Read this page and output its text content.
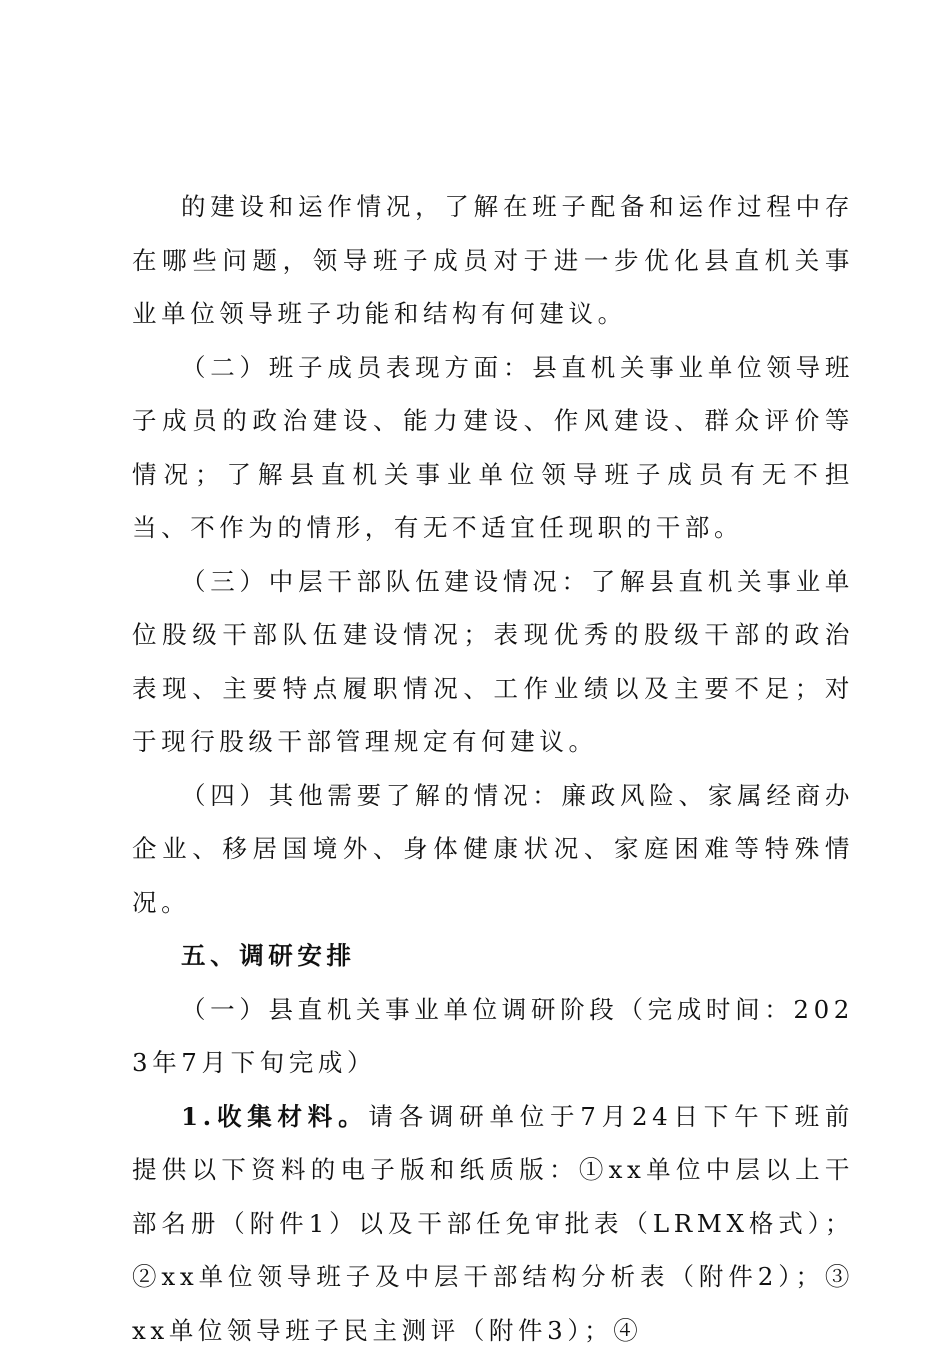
的建设和运作情况，了解在班子配备和运作过程中存在哪些问题，领导班子成员对于进一步优化县直机关事业单位领导班子功能和结构有何建议。

（二）班子成员表现方面：县直机关事业单位领导班子成员的政治建设、能力建设、作风建设、群众评价等情况；了解县直机关事业单位领导班子成员有无不担当、不作为的情形，有无不适宜任现职的干部。

（三）中层干部队伍建设情况：了解县直机关事业单位股级干部队伍建设情况；表现优秀的股级干部的政治表现、主要特点履职情况、工作业绩以及主要不足；对于现行股级干部管理规定有何建议。

（四）其他需要了解的情况：廉政风险、家属经商办企业、移居国境外、身体健康状况、家庭困难等特殊情况。

五、调研安排

（一）县直机关事业单位调研阶段（完成时间：2023年7月下旬完成）

1.收集材料。请各调研单位于7月24日下午下班前提供以下资料的电子版和纸质版：①xx单位中层以上干部名册（附件1）以及干部任免审批表（LRMX格式）；②xx单位领导班子及中层干部结构分析表（附件2）；③xx单位领导班子民主测评（附件3）；④
